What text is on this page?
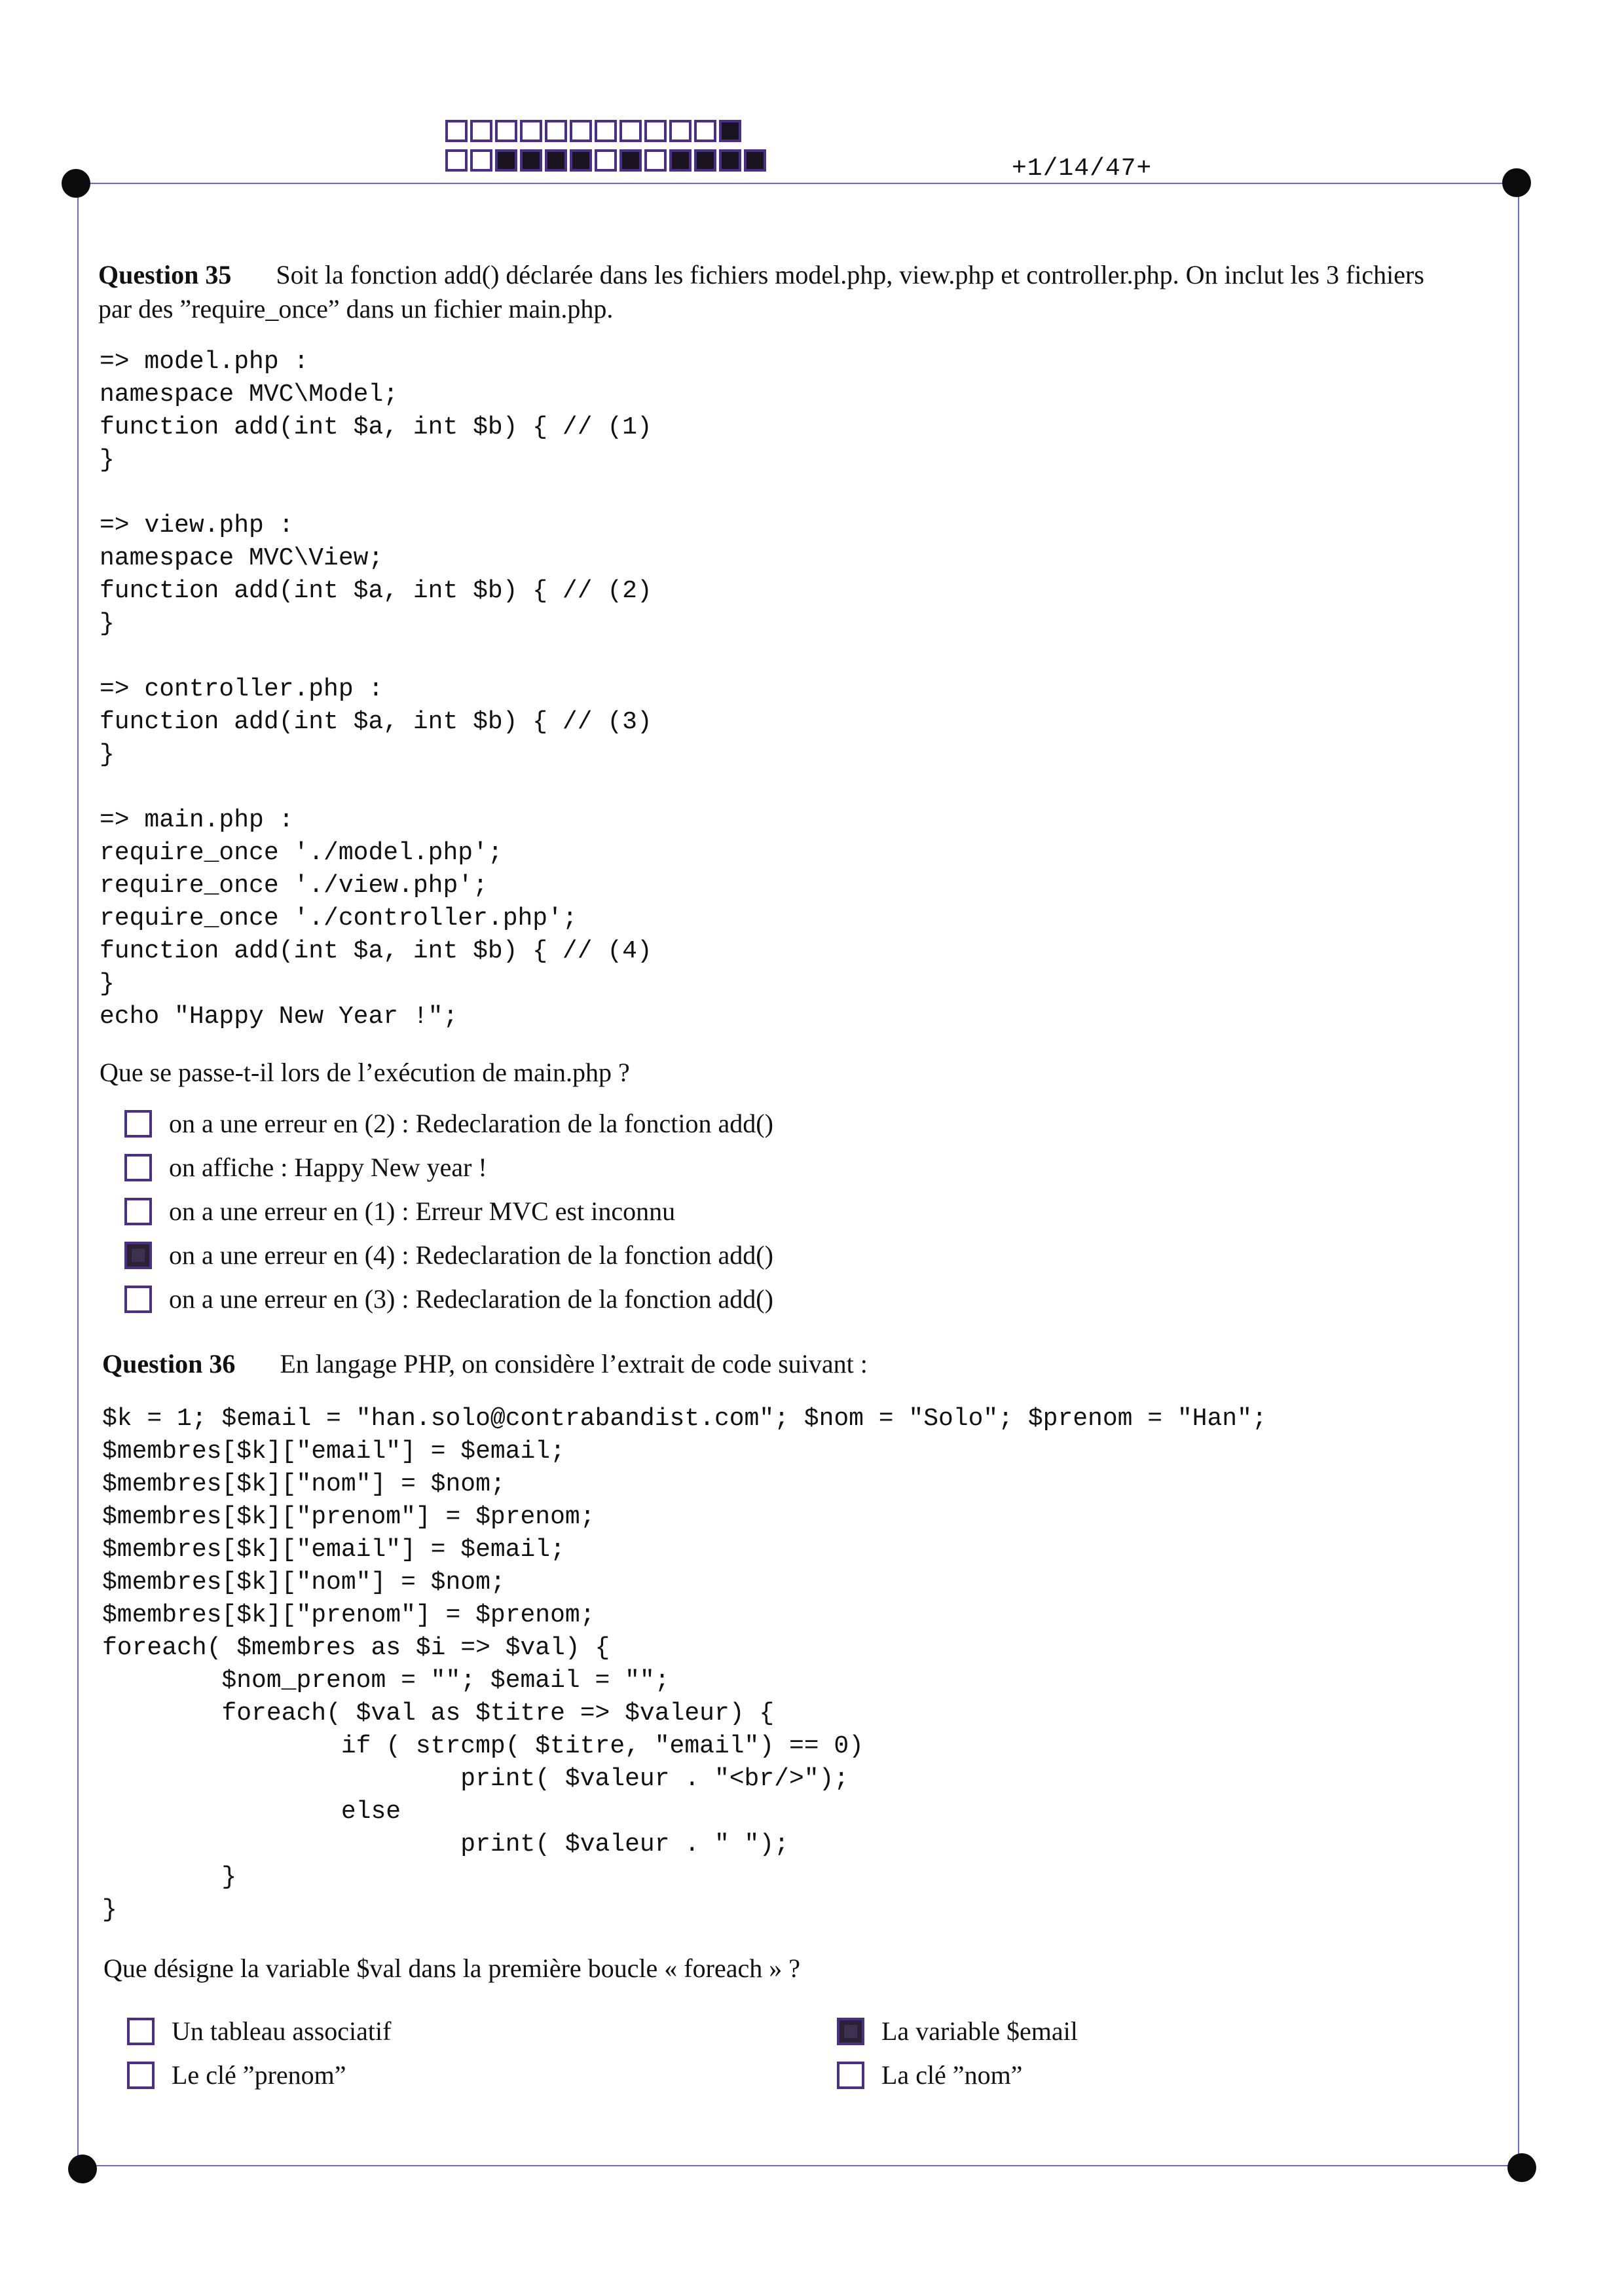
+1/14/47+
Question 35 Soit la fonction add() déclarée dans les fichiers model.php, view.php et controller.php. On inclut les 3 fichiers
par des ”require_once” dans un fichier main.php.
=> model.php :
namespace MVC\Model;
function add(int $a, int $b) { // (1)
}

=> view.php :
namespace MVC\View;
function add(int $a, int $b) { // (2)
}

=> controller.php :
function add(int $a, int $b) { // (3)
}

=> main.php :
require_once './model.php';
require_once './view.php';
require_once './controller.php';
function add(int $a, int $b) { // (4)
}
echo "Happy New Year !";
Que se passe-t-il lors de l’exécution de main.php ?
on a une erreur en (2) : Redeclaration de la fonction add()
on affiche : Happy New year !
on a une erreur en (1) : Erreur MVC est inconnu
on a une erreur en (4) : Redeclaration de la fonction add()
on a une erreur en (3) : Redeclaration de la fonction add()
Question 36 En langage PHP, on considère l’extrait de code suivant :
$k = 1; $email = "han.solo@contrabandist.com"; $nom = "Solo"; $prenom = "Han";
$membres[$k]["email"] = $email;
$membres[$k]["nom"] = $nom;
$membres[$k]["prenom"] = $prenom;
$membres[$k]["email"] = $email;
$membres[$k]["nom"] = $nom;
$membres[$k]["prenom"] = $prenom;
foreach( $membres as $i => $val) {
$nom_prenom = ""; $email = "";
foreach( $val as $titre => $valeur) {
if ( strcmp( $titre, "email") == 0)
print( $valeur . "<br/>");
else
print( $valeur . " ");
}
}
Que désigne la variable $val dans la première boucle « foreach » ?
Un tableau associatif
Le clé ”prenom”
La variable $email
La clé ”nom”
